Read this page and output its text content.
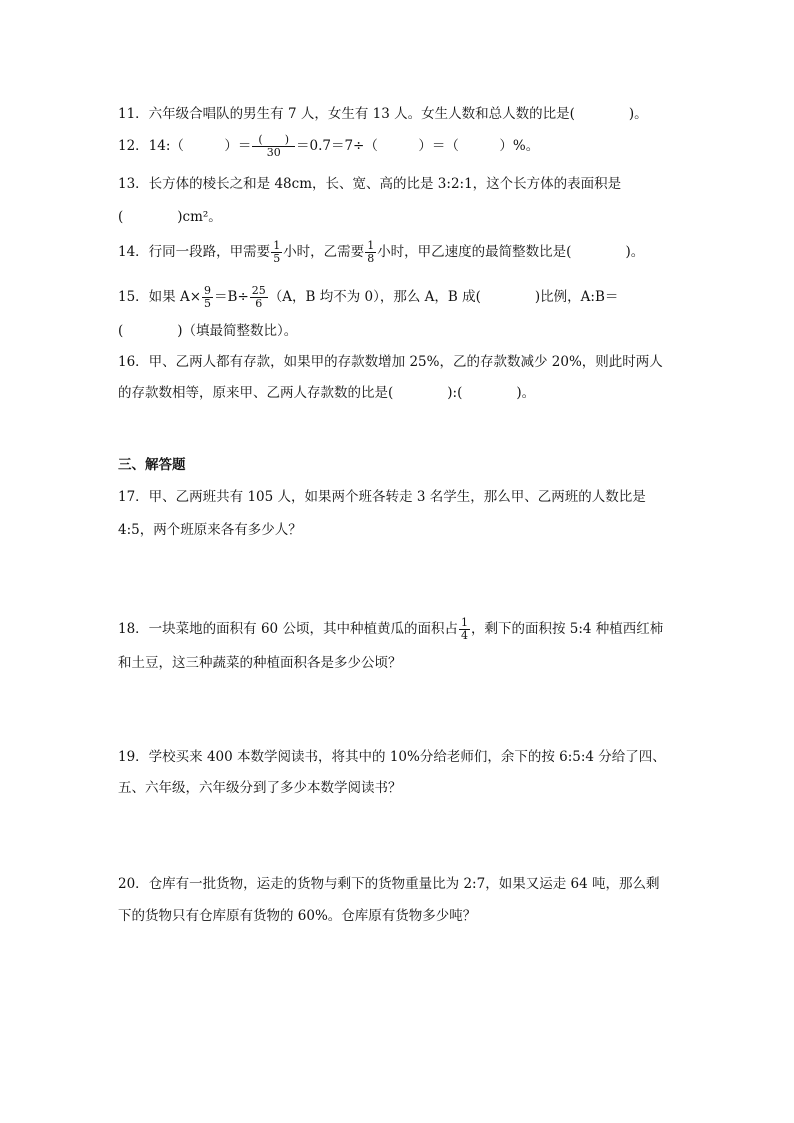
11．六年级合唱队的男生有 7 人，女生有 13 人。女生人数和总人数的比是(　　　　)。
12．14:（　　　）＝ $\frac{( )}{30} =0.7=7\div$（　　　）＝（　　　）%。
13．长方体的棱长之和是 48cm，长、宽、高的比是 3:2:1，这个长方体的表面积是
(　　　　)cm²。
14．行同一段路，甲需要 $\frac{1}{5}$ 小时，乙需要 $\frac{1}{8}$ 小时，甲乙速度的最简整数比是(　　　　)。
15．如果 $A\times \frac{9}{5} =B\div \frac{25}{6} (A$，B 均不为 0），那么 A，B 成(　　　　)比例，A:B＝
(　　　　)（填最简整数比）。
16．甲、乙两人都有存款，如果甲的存款数增加 25%，乙的存款数减少 20%，则此时两人
的存款数相等，原来甲、乙两人存款数的比是(　　　　):(　　　　)。
三、解答题
17．甲、乙两班共有 105 人，如果两个班各转走 3 名学生，那么甲、乙两班的人数比是
4:5，两个班原来各有多少人？
18．一块菜地的面积有 60 公顷，其中种植黄瓜的面积占 $\frac{1}{4}$ ，剩下的面积按 5:4 种植西红柿
和土豆，这三种蔬菜的种植面积各是多少公顷？
19．学校买来 400 本数学阅读书，将其中的 10%分给老师们，余下的按 6:5:4 分给了四、
五、六年级，六年级分到了多少本数学阅读书？
20．仓库有一批货物，运走的货物与剩下的货物重量比为 2:7，如果又运走 64 吨，那么剩
下的货物只有仓库原有货物的 60%。仓库原有货物多少吨？
